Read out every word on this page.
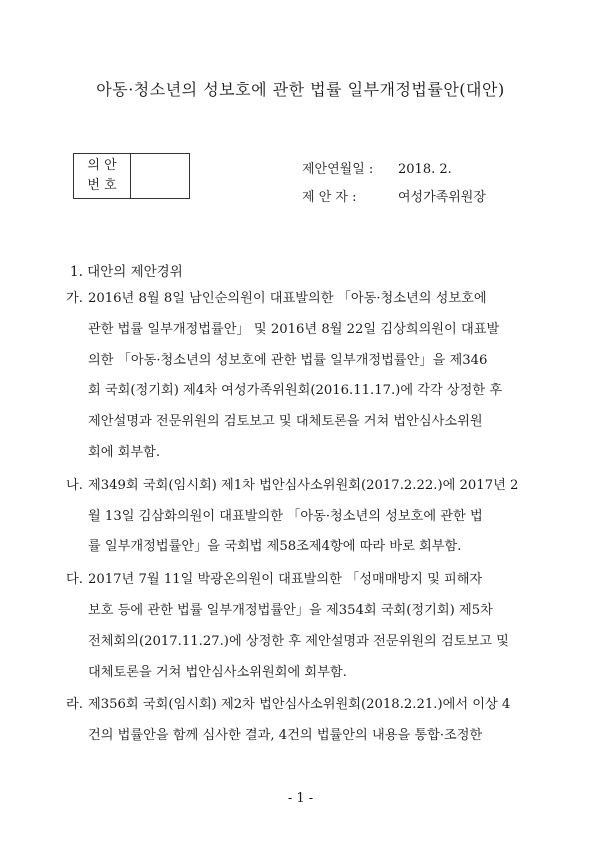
아동·청소년의 성보호에 관한 법률 일부개정법률안(대안)
의 안
번 호
제안연월일 :	2018. 2.
제 안 자 :	여성가족위원장
1. 대안의 제안경위
가. 2016년 8월 8일 남인순의원이 대표발의한 「아동·청소년의 성보호에
관한 법률 일부개정법률안」 및 2016년 8월 22일 김상희의원이 대표발
의한 「아동·청소년의 성보호에 관한 법률 일부개정법률안」을 제346
회 국회(정기회) 제4차 여성가족위원회(2016.11.17.)에 각각 상정한 후
제안설명과 전문위원의 검토보고 및 대체토론을 거쳐 법안심사소위원
회에 회부함.
나. 제349회 국회(임시회) 제1차 법안심사소위원회(2017.2.22.)에 2017년 2
월 13일 김삼화의원이 대표발의한 「아동·청소년의 성보호에 관한 법
률 일부개정법률안」을 국회법 제58조제4항에 따라 바로 회부함.
다. 2017년 7월 11일 박광온의원이 대표발의한 「성매매방지 및 피해자
보호 등에 관한 법률 일부개정법률안」을 제354회 국회(정기회) 제5차
전체회의(2017.11.27.)에 상정한 후 제안설명과 전문위원의 검토보고 및
대체토론을 거쳐 법안심사소위원회에 회부함.
라. 제356회 국회(임시회) 제2차 법안심사소위원회(2018.2.21.)에서 이상 4
건의 법률안을 함께 심사한 결과, 4건의 법률안의 내용을 통합·조정한
- 1 -
